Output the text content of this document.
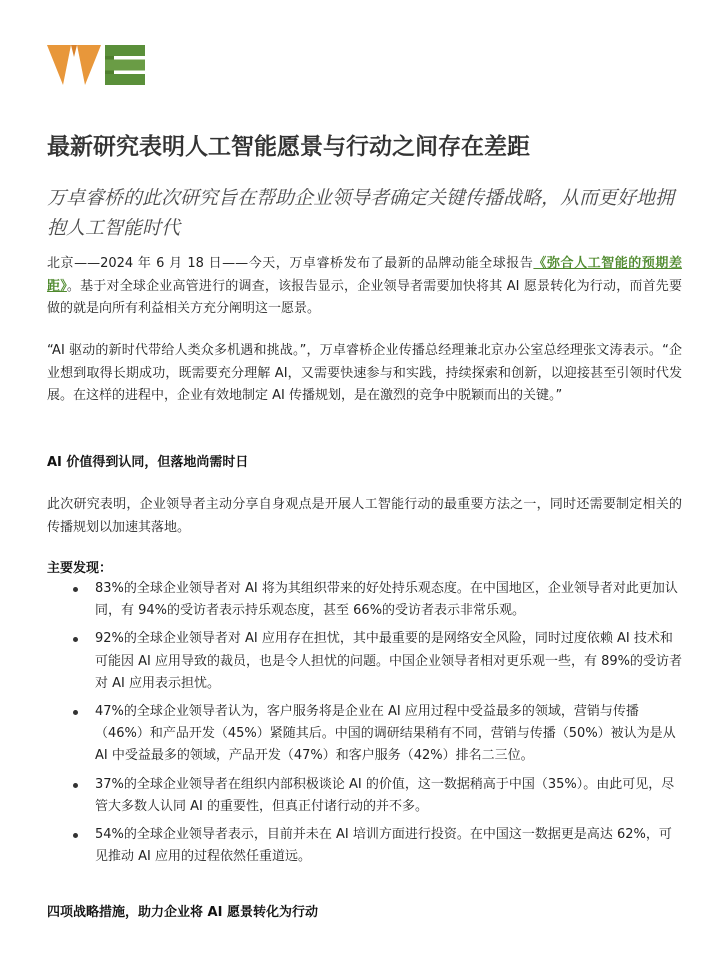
最新研究表明人工智能愿景与行动之间存在差距

万卓睿桥的此次研究旨在帮助企业领导者确定关键传播战略，从而更好地拥抱人工智能时代

北京——2024 年 6 月 18 日——今天，万卓睿桥发布了最新的品牌动能全球报告《弥合人工智能的预期差距》。基于对全球企业高管进行的调查，该报告显示，企业领导者需要加快将其 AI 愿景转化为行动，而首先要做的就是向所有利益相关方充分阐明这一愿景。

“AI 驱动的新时代带给人类众多机遇和挑战。”，万卓睿桥企业传播总经理兼北京办公室总经理张文涛表示。“企业想到取得长期成功，既需要充分理解 AI，又需要快速参与和实践，持续探索和创新，以迎接甚至引领时代发展。在这样的进程中，企业有效地制定 AI 传播规划，是在激烈的竞争中脱颖而出的关键。”

AI 价值得到认同，但落地尚需时日

此次研究表明，企业领导者主动分享自身观点是开展人工智能行动的最重要方法之一，同时还需要制定相关的传播规划以加速其落地。

主要发现：
83%的全球企业领导者对 AI 将为其组织带来的好处持乐观态度。在中国地区，企业领导者对此更加认同，有 94%的受访者表示持乐观态度，甚至 66%的受访者表示非常乐观。
92%的全球企业领导者对 AI 应用存在担忧，其中最重要的是网络安全风险，同时过度依赖 AI 技术和可能因 AI 应用导致的裁员，也是令人担忧的问题。中国企业领导者相对更乐观一些，有 89%的受访者对 AI 应用表示担忧。
47%的全球企业领导者认为，客户服务将是企业在 AI 应用过程中受益最多的领域，营销与传播（46%）和产品开发（45%）紧随其后。中国的调研结果稍有不同，营销与传播（50%）被认为是从 AI 中受益最多的领域，产品开发（47%）和客户服务（42%）排名二三位。
37%的全球企业领导者在组织内部积极谈论 AI 的价值，这一数据稍高于中国（35%）。由此可见，尽管大多数人认同 AI 的重要性，但真正付诸行动的并不多。
54%的全球企业领导者表示，目前并未在 AI 培训方面进行投资。在中国这一数据更是高达 62%，可见推动 AI 应用的过程依然任重道远。
四项战略措施，助力企业将 AI 愿景转化为行动
